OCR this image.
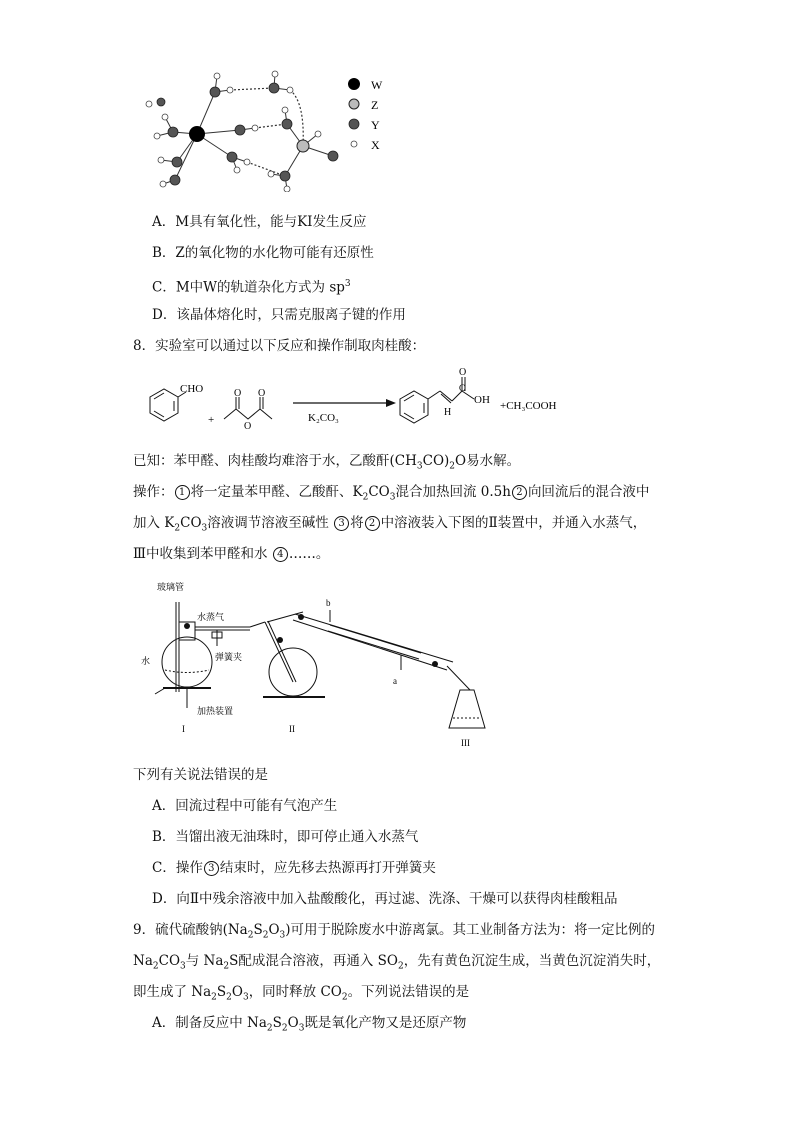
W
Z
Y
X
A．M具有氧化性，能与KI发生反应
B．Z的氧化物的水化物可能有还原性
C．M中W的轨道杂化方式为 $sp^3$
D．该晶体熔化时，只需克服离子键的作用
8．实验室可以通过以下反应和操作制取肉桂酸：
CHO
+
O O
O
K₂CO₃
O
C
H
OH +CH₃COOH
已知：苯甲醛、肉桂酸均难溶于水，乙酸酐$(CH_3CO)_2O$易水解。
操作： 1 将一定量苯甲醛、乙酸酐、$K_2CO_3$混合加热回流 0.5h 2 向回流后的混合液中
加入 $K_2CO_3$溶液调节溶液至碱性 3 将 2 中溶液装入下图的Ⅱ装置中，并通入水蒸气，
Ⅲ中收集到苯甲醛和水 4 ……。
玻璃管
水蒸气
弹簧夹
水
加热装置
b
a
I	II
III
下列有关说法错误的是
A．回流过程中可能有气泡产生
B．当馏出液无油珠时，即可停止通入水蒸气
C．操作 3 结束时，应先移去热源再打开弹簧夹
D．向Ⅱ中残余溶液中加入盐酸酸化，再过滤、洗涤、干燥可以获得肉桂酸粗品
9．硫代硫酸钠$(Na_2S_2O_3)$可用于脱除废水中游离氯。其工业制备方法为：将一定比例的
$Na_2CO_3$与 $Na_2S$配成混合溶液，再通入 $SO_2$，先有黄色沉淀生成，当黄色沉淀消失时，
即生成了 $Na_2S_2O_3$，同时释放 $CO_2$。下列说法错误的是
A．制备反应中 $Na_2S_2O_3$既是氧化产物又是还原产物
